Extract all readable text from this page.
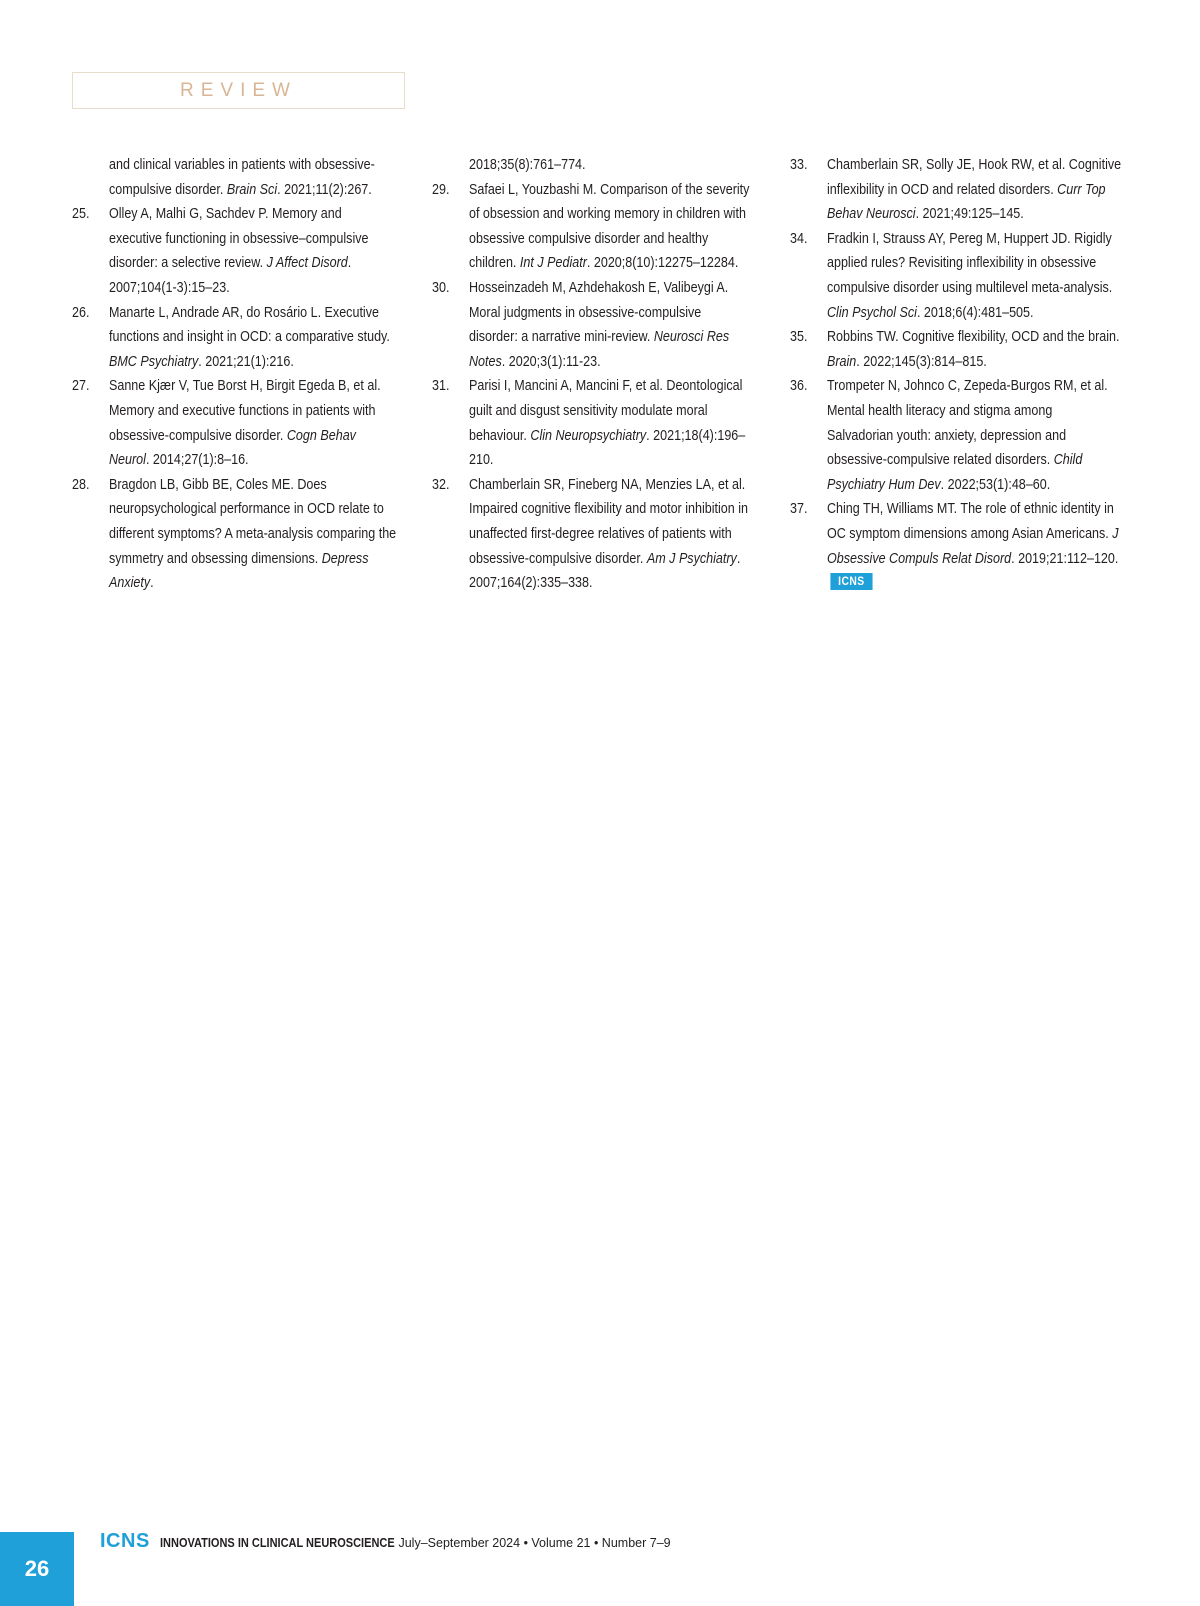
REVIEW
and clinical variables in patients with obsessive-compulsive disorder. Brain Sci. 2021;11(2):267.
25.	Olley A, Malhi G, Sachdev P. Memory and executive functioning in obsessive–compulsive disorder: a selective review. J Affect Disord. 2007;104(1-3):15–23.
26.	Manarte L, Andrade AR, do Rosário L. Executive functions and insight in OCD: a comparative study. BMC Psychiatry. 2021;21(1):216.
27.	Sanne Kjær V, Tue Borst H, Birgit Egeda B, et al. Memory and executive functions in patients with obsessive-compulsive disorder. Cogn Behav Neurol. 2014;27(1):8–16.
28.	Bragdon LB, Gibb BE, Coles ME. Does neuropsychological performance in OCD relate to different symptoms? A meta-analysis comparing the symmetry and obsessing dimensions. Depress Anxiety.
2018;35(8):761–774.
29.	Safaei L, Youzbashi M. Comparison of the severity of obsession and working memory in children with obsessive compulsive disorder and healthy children. Int J Pediatr. 2020;8(10):12275–12284.
30.	Hosseinzadeh M, Azhdehakosh E, Valibeygi A. Moral judgments in obsessive-compulsive disorder: a narrative mini-review. Neurosci Res Notes. 2020;3(1):11-23.
31.	Parisi I, Mancini A, Mancini F, et al. Deontological guilt and disgust sensitivity modulate moral behaviour. Clin Neuropsychiatry. 2021;18(4):196–210.
32.	Chamberlain SR, Fineberg NA, Menzies LA, et al. Impaired cognitive flexibility and motor inhibition in unaffected first-degree relatives of patients with obsessive-compulsive disorder. Am J Psychiatry. 2007;164(2):335–338.
33.	Chamberlain SR, Solly JE, Hook RW, et al. Cognitive inflexibility in OCD and related disorders. Curr Top Behav Neurosci. 2021;49:125–145.
34.	Fradkin I, Strauss AY, Pereg M, Huppert JD. Rigidly applied rules? Revisiting inflexibility in obsessive compulsive disorder using multilevel meta-analysis. Clin Psychol Sci. 2018;6(4):481–505.
35.	Robbins TW. Cognitive flexibility, OCD and the brain. Brain. 2022;145(3):814–815.
36.	Trompeter N, Johnco C, Zepeda-Burgos RM, et al. Mental health literacy and stigma among Salvadorian youth: anxiety, depression and obsessive-compulsive related disorders. Child Psychiatry Hum Dev. 2022;53(1):48–60.
37.	Ching TH, Williams MT. The role of ethnic identity in OC symptom dimensions among Asian Americans. J Obsessive Compuls Relat Disord. 2019;21:112–120.ICNS
26
ICNS INNOVATIONS IN CLINICAL NEUROSCIENCE July–September 2024 • Volume 21 • Number 7–9
